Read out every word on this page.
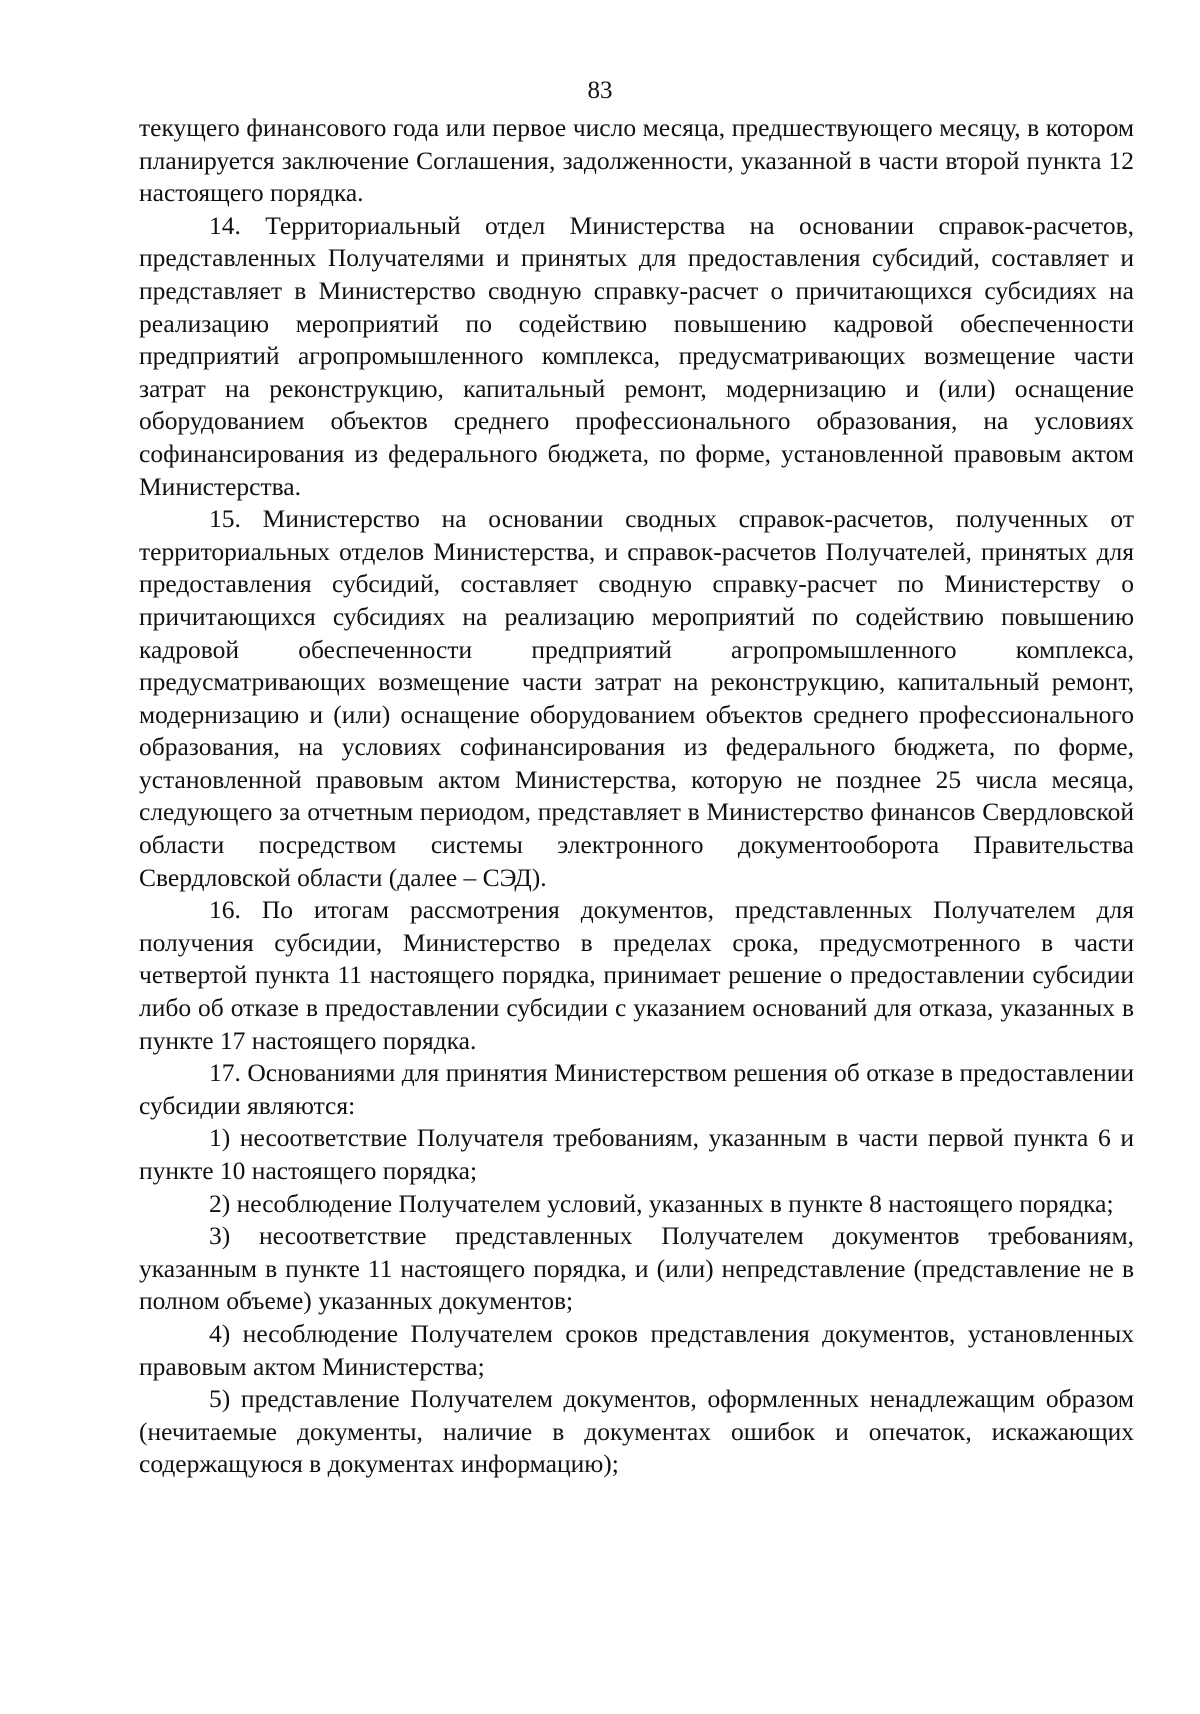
83

текущего финансового года или первое число месяца, предшествующего месяцу, в котором планируется заключение Соглашения, задолженности, указанной в части второй пункта 12 настоящего порядка.

14. Территориальный отдел Министерства на основании справок-расчетов, представленных Получателями и принятых для предоставления субсидий, составляет и представляет в Министерство сводную справку-расчет о причитающихся субсидиях на реализацию мероприятий по содействию повышению кадровой обеспеченности предприятий агропромышленного комплекса, предусматривающих возмещение части затрат на реконструкцию, капитальный ремонт, модернизацию и (или) оснащение оборудованием объектов среднего профессионального образования, на условиях софинансирования из федерального бюджета, по форме, установленной правовым актом Министерства.

15. Министерство на основании сводных справок-расчетов, полученных от территориальных отделов Министерства, и справок-расчетов Получателей, принятых для предоставления субсидий, составляет сводную справку-расчет по Министерству о причитающихся субсидиях на реализацию мероприятий по содействию повышению кадровой обеспеченности предприятий агропромышленного комплекса, предусматривающих возмещение части затрат на реконструкцию, капитальный ремонт, модернизацию и (или) оснащение оборудованием объектов среднего профессионального образования, на условиях софинансирования из федерального бюджета, по форме, установленной правовым актом Министерства, которую не позднее 25 числа месяца, следующего за отчетным периодом, представляет в Министерство финансов Свердловской области посредством системы электронного документооборота Правительства Свердловской области (далее – СЭД).

16. По итогам рассмотрения документов, представленных Получателем для получения субсидии, Министерство в пределах срока, предусмотренного в части четвертой пункта 11 настоящего порядка, принимает решение о предоставлении субсидии либо об отказе в предоставлении субсидии с указанием оснований для отказа, указанных в пункте 17 настоящего порядка.

17. Основаниями для принятия Министерством решения об отказе в предоставлении субсидии являются:

1) несоответствие Получателя требованиям, указанным в части первой пункта 6 и пункте 10 настоящего порядка;

2) несоблюдение Получателем условий, указанных в пункте 8 настоящего порядка;

3) несоответствие представленных Получателем документов требованиям, указанным в пункте 11 настоящего порядка, и (или) непредставление (представление не в полном объеме) указанных документов;

4) несоблюдение Получателем сроков представления документов, установленных правовым актом Министерства;

5) представление Получателем документов, оформленных ненадлежащим образом (нечитаемые документы, наличие в документах ошибок и опечаток, искажающих содержащуюся в документах информацию);
